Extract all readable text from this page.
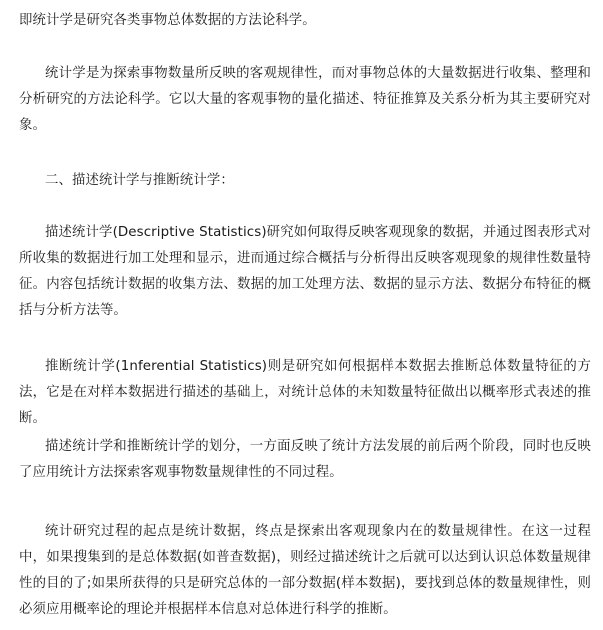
即统计学是研究各类事物总体数据的方法论科学。

统计学是为探索事物数量所反映的客观规律性，而对事物总体的大量数据进行收集、整理和分析研究的方法论科学。它以大量的客观事物的量化描述、特征推算及关系分析为其主要研究对象。

二、描述统计学与推断统计学：

描述统计学(Descriptive Statistics)研究如何取得反映客观现象的数据，并通过图表形式对所收集的数据进行加工处理和显示，进而通过综合概括与分析得出反映客观现象的规律性数量特征。内容包括统计数据的收集方法、数据的加工处理方法、数据的显示方法、数据分布特征的概括与分析方法等。

推断统计学(1nferential Statistics)则是研究如何根据样本数据去推断总体数量特征的方法，它是在对样本数据进行描述的基础上，对统计总体的未知数量特征做出以概率形式表述的推断。

描述统计学和推断统计学的划分，一方面反映了统计方法发展的前后两个阶段，同时也反映了应用统计方法探索客观事物数量规律性的不同过程。

统计研究过程的起点是统计数据，终点是探索出客观现象内在的数量规律性。在这一过程中，如果搜集到的是总体数据(如普查数据)，则经过描述统计之后就可以达到认识总体数量规律性的目的了;如果所获得的只是研究总体的一部分数据(样本数据)，要找到总体的数量规律性，则必须应用概率论的理论并根据样本信息对总体进行科学的推断。
